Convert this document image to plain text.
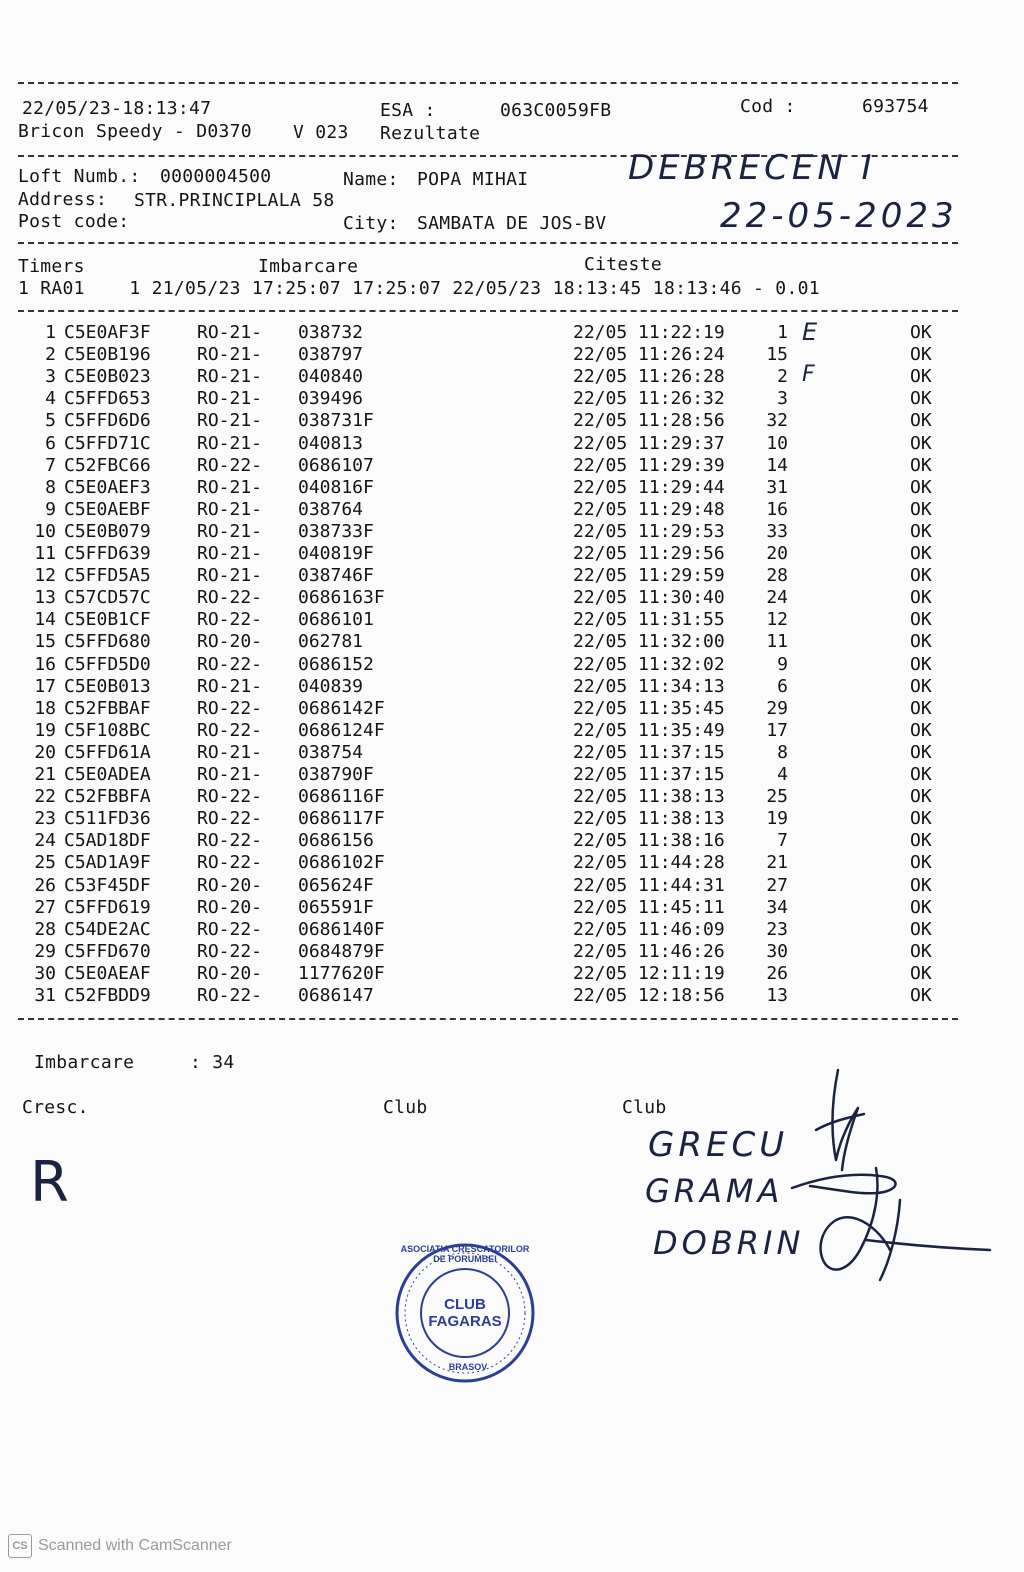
22/05/23-18:13:47	ESA :	063C0059FB	Cod :	693754
Bricon Speedy - D0370 V 023 Rezultate
Loft Numb.: 0000004500	Name: POPA MIHAI
Address: STR.PRINCIPLALA 58
Post code:	City: SAMBATA DE JOS-BV
DEBRECEN I
22-05-2023
Timers	Imbarcare	Citeste
1 RA01    1 21/05/23 17:25:07 17:25:07 22/05/23 18:13:45 18:13:46 - 0.01
1 C5E0AF3F	RO-21- 038732	22/05 11:22:19	1	OK
2 C5E0B196	RO-21- 038797	22/05 11:26:24	15	OK
3 C5E0B023	RO-21- 040840	22/05 11:26:28	2	OK
4 C5FFD653	RO-21- 039496	22/05 11:26:32	3	OK
5 C5FFD6D6	RO-21- 038731F	22/05 11:28:56	32	OK
6 C5FFD71C	RO-21- 040813	22/05 11:29:37	10	OK
7 C52FBC66	RO-22- 0686107	22/05 11:29:39	14	OK
8 C5E0AEF3	RO-21- 040816F	22/05 11:29:44	31	OK
9 C5E0AEBF	RO-21- 038764	22/05 11:29:48	16	OK
10 C5E0B079	RO-21- 038733F	22/05 11:29:53	33	OK
11 C5FFD639	RO-21- 040819F	22/05 11:29:56	20	OK
12 C5FFD5A5	RO-21- 038746F	22/05 11:29:59	28	OK
13 C57CD57C	RO-22- 0686163F	22/05 11:30:40	24	OK
14 C5E0B1CF	RO-22- 0686101	22/05 11:31:55	12	OK
15 C5FFD680	RO-20- 062781	22/05 11:32:00	11	OK
16 C5FFD5D0	RO-22- 0686152	22/05 11:32:02	9	OK
17 C5E0B013	RO-21- 040839	22/05 11:34:13	6	OK
18 C52FBBAF	RO-22- 0686142F	22/05 11:35:45	29	OK
19 C5F108BC	RO-22- 0686124F	22/05 11:35:49	17	OK
20 C5FFD61A	RO-21- 038754	22/05 11:37:15	8	OK
21 C5E0ADEA	RO-21- 038790F	22/05 11:37:15	4	OK
22 C52FBBFA	RO-22- 0686116F	22/05 11:38:13	25	OK
23 C511FD36	RO-22- 0686117F	22/05 11:38:13	19	OK
24 C5AD18DF	RO-22- 0686156	22/05 11:38:16	7	OK
25 C5AD1A9F	RO-22- 0686102F	22/05 11:44:28	21	OK
26 C53F45DF	RO-20- 065624F	22/05 11:44:31	27	OK
27 C5FFD619	RO-20- 065591F	22/05 11:45:11	34	OK
28 C54DE2AC	RO-22- 0686140F	22/05 11:46:09	23	OK
29 C5FFD670	RO-22- 0684879F	22/05 11:46:26	30	OK
30 C5E0AEAF	RO-20- 1177620F	22/05 12:11:19	26	OK
31 C52FBDD9	RO-22- 0686147	22/05 12:18:56	13	OK
E
F
Imbarcare	: 34
Cresc.	Club	Club
R
GRECU
GRAMA
DOBRIN
ASOCIATIA CRESCATORILOR DE PORUMBEI
CLUB FAGARAS
BRASOV
CS Scanned with CamScanner
